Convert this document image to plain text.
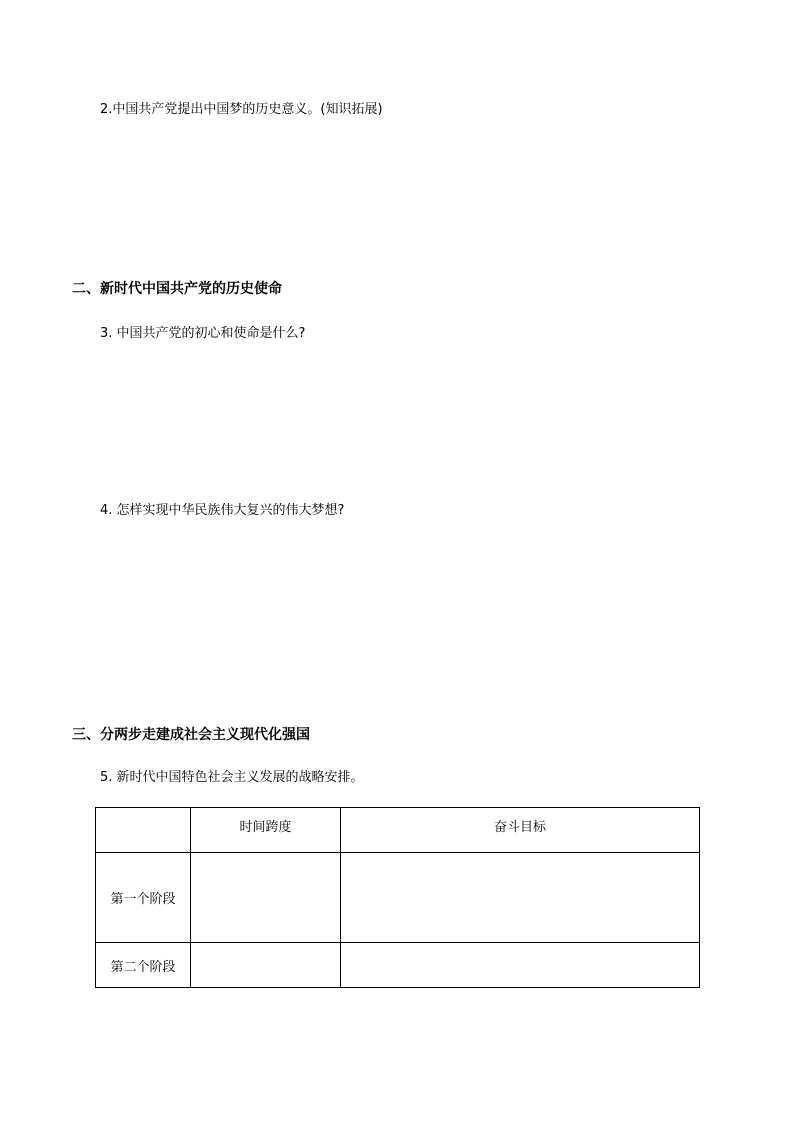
2.中国共产党提出中国梦的历史意义。(知识拓展)
二、新时代中国共产党的历史使命
3. 中国共产党的初心和使命是什么?
4. 怎样实现中华民族伟大复兴的伟大梦想?
三、分两步走建成社会主义现代化强国
5. 新时代中国特色社会主义发展的战略安排。
	时间跨度	奋斗目标
第一个阶段		
第二个阶段		
